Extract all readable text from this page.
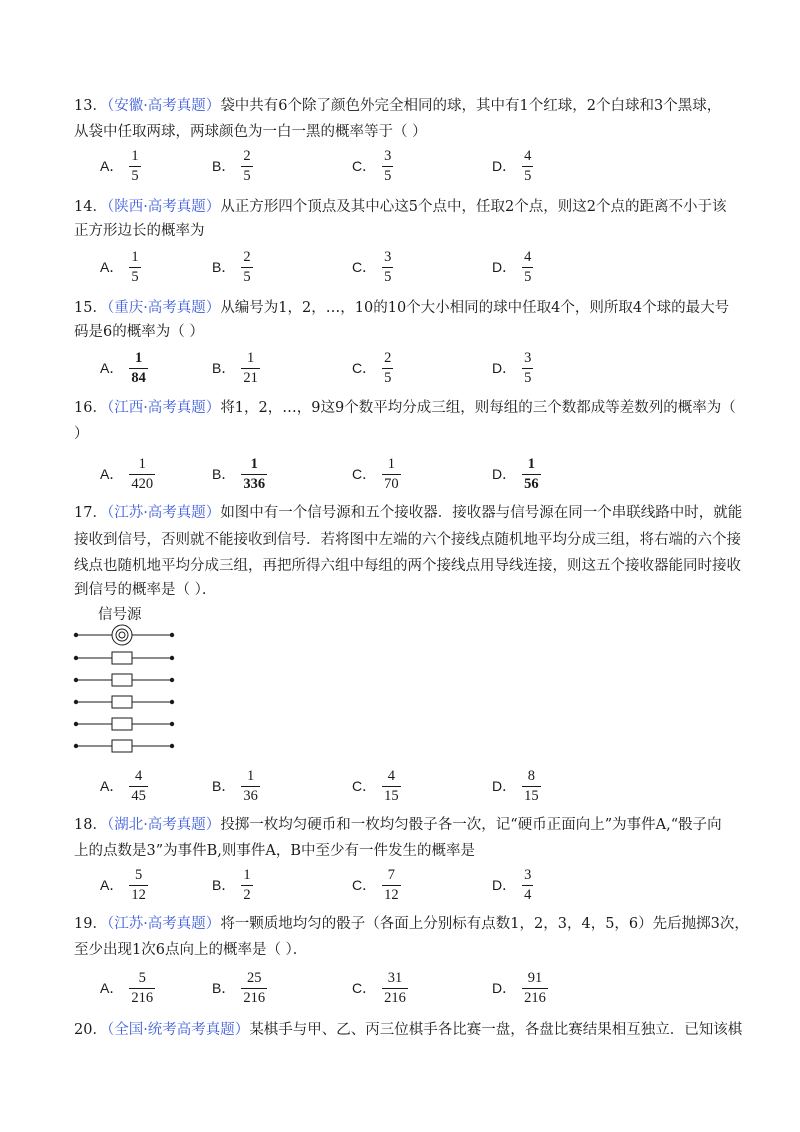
13．（安徽·高考真题）袋中共有6个除了颜色外完全相同的球，其中有1个红球，2个白球和3个黑球，
从袋中任取两球，两球颜色为一白一黑的概率等于（ ）
A． $\frac{1}{5}$	B． $\frac{2}{5}$	C． $\frac{3}{5}$	D． $\frac{4}{5}$
14．（陕西·高考真题）从正方形四个顶点及其中心这5个点中，任取2个点，则这2个点的距离不小于该
正方形边长的概率为
A． $\frac{1}{5}$	B． $\frac{2}{5}$	C． $\frac{3}{5}$	D． $\frac{4}{5}$
15．（重庆·高考真题）从编号为1，2，…，10的10个大小相同的球中任取4个，则所取4个球的最大号
码是6的概率为（ ）
A． $\frac{1}{84}$	B． $\frac{1}{21}$	C． $\frac{2}{5}$	D． $\frac{3}{5}$
16．（江西·高考真题）将1，2，…，9这9个数平均分成三组，则每组的三个数都成等差数列的概率为（
）
A． $\frac{1}{420}$	B． $\frac{1}{336}$	C． $\frac{1}{70}$	D． $\frac{1}{56}$
17．（江苏·高考真题）如图中有一个信号源和五个接收器．接收器与信号源在同一个串联线路中时，就能
接收到信号，否则就不能接收到信号．若将图中左端的六个接线点随机地平均分成三组，将右端的六个接
线点也随机地平均分成三组，再把所得六组中每组的两个接线点用导线连接，则这五个接收器能同时接收
到信号的概率是（ ）．
信号源
A． $\frac{4}{45}$	B． $\frac{1}{36}$	C． $\frac{4}{15}$	D． $\frac{8}{15}$
18．（湖北·高考真题）投掷一枚均匀硬币和一枚均匀骰子各一次，记“硬币正面向上”为事件A,“骰子向
上的点数是3”为事件B,则事件A，B中至少有一件发生的概率是
A． $\frac{5}{12}$	B． $\frac{1}{2}$	C． $\frac{7}{12}$	D． $\frac{3}{4}$
19．（江苏·高考真题）将一颗质地均匀的骰子（各面上分别标有点数1，2，3，4，5，6）先后抛掷3次，
至少出现1次6点向上的概率是（ ）．
A． $\frac{5}{216}$	B． $\frac{25}{216}$	C． $\frac{31}{216}$	D． $\frac{91}{216}$
20．（全国·统考高考真题）某棋手与甲、乙、丙三位棋手各比赛一盘，各盘比赛结果相互独立．已知该棋
